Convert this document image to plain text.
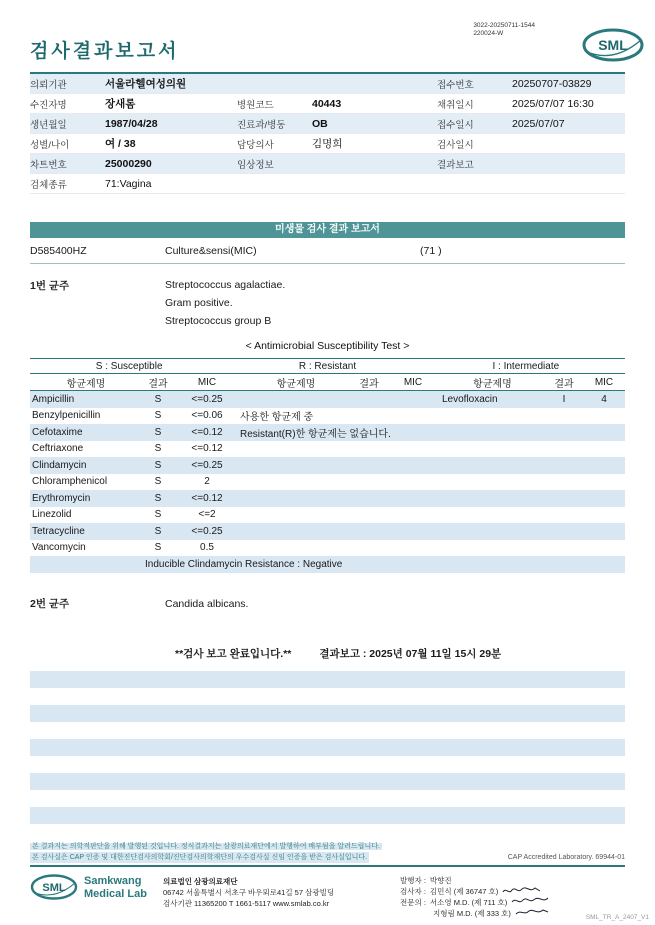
검사결과보고서
3022-20250711-1544
220024-W
SML
의뢰기관	서울라헬여성의원	접수번호	20250707-03829
수진자명	장새롬	병원코드	40443	채취일시	2025/07/07 16:30
생년월일	1987/04/28	진료과/병동	OB	접수일시	2025/07/07
성별/나이	여 / 38	담당의사	김명희	검사일시
차트번호	25000290	임상정보	결과보고
검체종류	71:Vagina
미생물 검사 결과 보고서
D585400HZ	Culture&sensi(MIC)	(71 )
1번 균주	Streptococcus agalactiae.
Gram positive.
Streptococcus group B
< Antimicrobial Susceptibility Test >
S : Susceptible	R : Resistant	I : Intermediate
항균제명	결과	MIC	항균제명	결과	MIC	항균제명	결과	MIC
Ampicillin	S	<=0.25	Levofloxacin	I	4
Benzylpenicillin	S	<=0.06	사용한 항균제 중
Cefotaxime	S	<=0.12	Resistant(R)한 항균제는 없습니다.
Ceftriaxone	S	<=0.12
Clindamycin	S	<=0.25
Chloramphenicol	S	2
Erythromycin	S	<=0.12
Linezolid	S	<=2
Tetracycline	S	<=0.25
Vancomycin	S	0.5
Inducible Clindamycin Resistance : Negative
2번 균주	Candida albicans.
**검사 보고 완료입니다.**	결과보고 : 2025년 07월 11일 15시 29분
본 결과지는 의학적판단을 위해 발행된 것입니다. 정식결과지는 삼광의료재단에서 발행하여 배부됨을 알려드립니다.
본 검사실은 CAP 인증 및 대한진단검사의학회/진단검사의학재단의 우수검사실 신임 인증을 받은 검사실입니다.	CAP Accredited Laboratory. 69944-01
SML
Samkwang
Medical Lab
의료법인 삼광의료재단
06742 서울특별시 서초구 바우뫼로41길 57 삼광빌딩
검사기관 11365200 T 1661-5117 www.smlab.co.kr
발행자 : 박향진
검사자 : 김민식 (제 36747 호)
전문의 : 서소영 M.D. (제 711 호)
지형림 M.D. (제 333 호)	SML_TR_A_2407_V1
